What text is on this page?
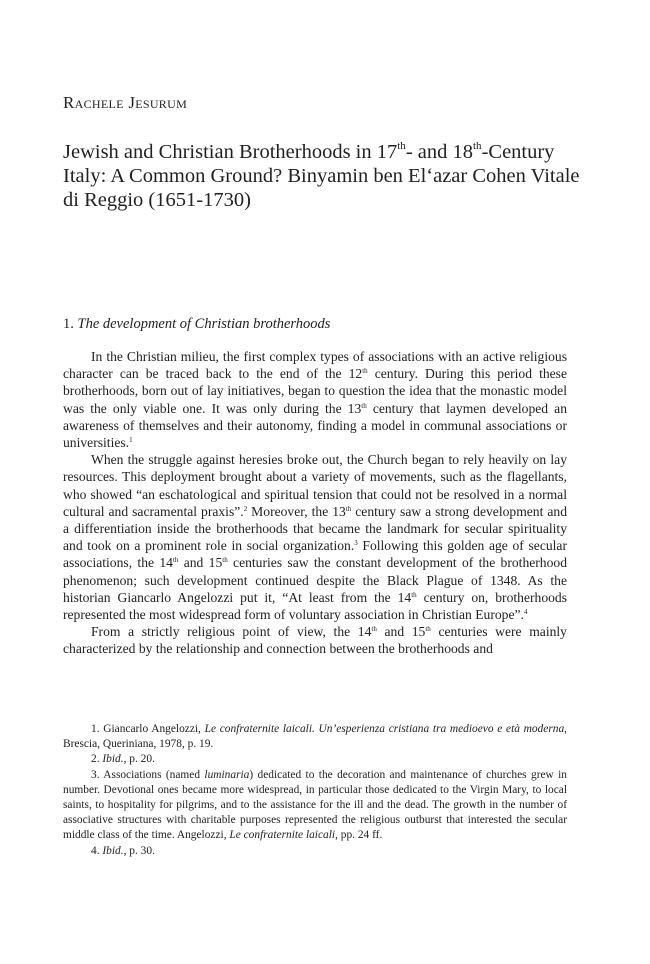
Rachele Jesurum
Jewish and Christian Brotherhoods in 17th- and 18th-Century
Italy: A Common Ground? Binyamin ben El‘azar Cohen Vitale
di Reggio (1651-1730)
1. The development of Christian brotherhoods

In the Christian milieu, the first complex types of associations with an active religious character can be traced back to the end of the 12th century. During this period these brotherhoods, born out of lay initiatives, began to question the idea that the monastic model was the only viable one. It was only during the 13th century that laymen developed an awareness of themselves and their autonomy, finding a model in communal associations or universities.$^1$

When the struggle against heresies broke out, the Church began to rely heavily on lay resources. This deployment brought about a variety of movements, such as the flagellants, who showed “an eschatological and spiritual tension that could not be resolved in a normal cultural and sacramental praxis”.$^2$ Moreover, the 13th century saw a strong development and a differentiation inside the brotherhoods that became the landmark for secular spirituality and took on a prominent role in social organization.$^3$ Following this golden age of secular associations, the 14th and 15th centuries saw the constant development of the brotherhood phenomenon; such development continued despite the Black Plague of 1348. As the historian Giancarlo Angelozzi put it, “At least from the 14th century on, brotherhoods represented the most widespread form of voluntary association in Christian Europe”.$^4$

From a strictly religious point of view, the 14th and 15th centuries were mainly characterized by the relationship and connection between the brotherhoods and

1. Giancarlo Angelozzi, Le confraternite laicali. Un’esperienza cristiana tra medioevo e età moderna, Brescia, Queriniana, 1978, p. 19.

2. Ibid., p. 20.

3. Associations (named luminaria) dedicated to the decoration and maintenance of churches grew in number. Devotional ones became more widespread, in particular those dedicated to the Virgin Mary, to local saints, to hospitality for pilgrims, and to the assistance for the ill and the dead. The growth in the number of associative structures with charitable purposes represented the religious outburst that interested the secular middle class of the time. Angelozzi, Le confraternite laicali, pp. 24 ff.

4. Ibid., p. 30.
